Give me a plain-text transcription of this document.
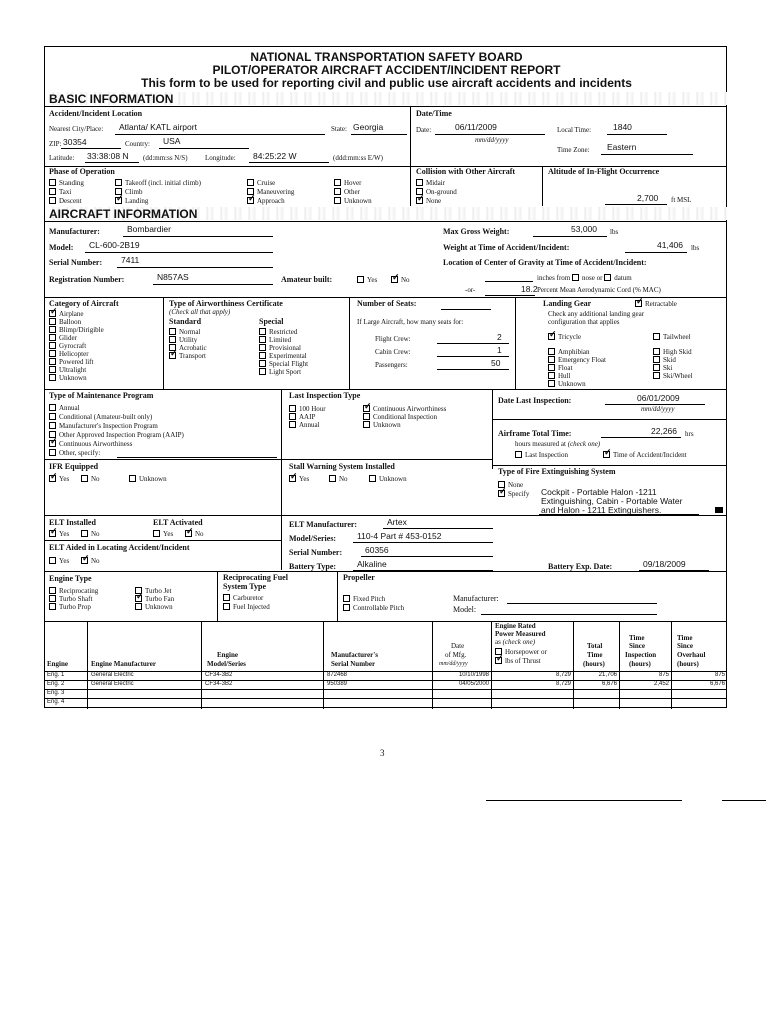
NATIONAL TRANSPORTATION SAFETY BOARD
PILOT/OPERATOR AIRCRAFT ACCIDENT/INCIDENT REPORT
This form to be used for reporting civil and public use aircraft accidents and incidents
BASIC INFORMATION
Accident/Incident Location
Nearest City/Place: Atlanta/ KATL airport	State: Georgia
ZIP: 30354	Country: USA
Latitude: 33:38:08 N (dd:mm:ss N/S) Longitude: 84:25:22 W	(ddd:mm:ss E/W)
Date/Time
Date:	06/11/2009
mm/dd/yyyy
Local Time:	1840
Time Zone: Eastern
Phase of Operation
Standing
Taxi
Descent
Takeoff (incl. initial climb)
Climb
✓Landing
Cruise
Maneuvering
✓Approach
Hover
Other
Unknown
Collision with Other Aircraft
Midair
On-ground
✓None
Altitude of In-Flight Occurrence
2,700 ft MSL
AIRCRAFT INFORMATION
Manufacturer:	Bombardier
Model: CL-600-2B19
Serial Number: 7411
Registration Number:	N857AS	Amateur built:	Yes ✓	No
Max Gross Weight:	53,000 lbs
Weight at Time of Accident/Incident:	41,406 lbs
Location of Center of Gravity at Time of Accident/Incident:
inches from nose or datum
-or-	18.2 Percent Mean Aerodynamic Cord (% MAC)
Category of Aircraft
✓Airplane
Balloon
Blimp/Dirigible
Glider
Gyrocraft
Helicopter
Powered lift
Ultralight
Unknown
Type of Airworthiness Certificate
(Check all that apply)
Standard
Normal
Utility
Acrobatic
✓Transport
Special
Restricted
Limited
Provisional
Experimental
Special Flight
Light Sport
Number of Seats:
If Large Aircraft, how many seats for:
Flight Crew:	2
Cabin Crew:	1
Passengers:	50
Landing Gear ✓	Retractable
Check any additional landing gear
configuration that applies
✓Tricycle
Amphibian
Emergency Float
Float
Hull
Unknown
Tailwheel
High Skid
Skid
Ski
Ski/Wheel
Type of Maintenance Program
Annual
Conditional (Amateur-built only)
Manufacturer's Inspection Program
Other Approved Inspection Program (AAIP)
✓Continuous Airworthiness
Other, specify:
Last Inspection Type
100 Hour
AAIP
Annual
✓Continuous Airworthiness
Conditional Inspection
Unknown
Date Last Inspection:	06/01/2009
mm/dd/yyyy
Airframe Total Time:	22,266 hrs
hours measured at (check one)
Last Inspection ✓	Time of Accident/Incident
IFR Equipped
✓Yes	No	Unknown
Stall Warning System Installed
✓Yes	No	Unknown
Type of Fire Extinguishing System
None
✓Specify Cockpit - Portable Halon -1211
Extinguishing, Cabin - Portable Water
and Halon - 1211 Extinguishers.
ELT Installed
✓Yes	No
ELT Activated
Yes ✓	No
ELT Aided in Locating Accident/Incident
Yes ✓	No
ELT Manufacturer:	Artex
Model/Series: 110-4 Part # 453-0152
Serial Number:	60356
Battery Type: Alkaline	Battery Exp. Date:	09/18/2009
Engine Type
Reciprocating
Turbo Shaft
Turbo Prop
Turbo Jet
✓Turbo Fan
Unknown
Reciprocating Fuel
System Type
Carburetor
Fuel Injected
Propeller
Fixed Pitch
Controllable Pitch
Manufacturer:
Model:
Engine	Engine Manufacturer
Engine
Model/Series
Manufacturer's
Serial Number
Date
of Mfg.
mm/dd/yyyy
Engine Rated
Power Measured
as (check one)
Horsepower or
✓lbs of Thrust
Total
Time
(hours)
Time
Since
Inspection
(hours)
Time
Since
Overhaul
(hours)
Eng. 1	General Electric	CF34-3B2	872468	10/10/1998	8,729	21,706	875	875
Eng. 2	General Electric	CF34-3B2	950389	04/05/2000	8,729	6,676	2,452	6,676
Eng. 3
Eng. 4
3
